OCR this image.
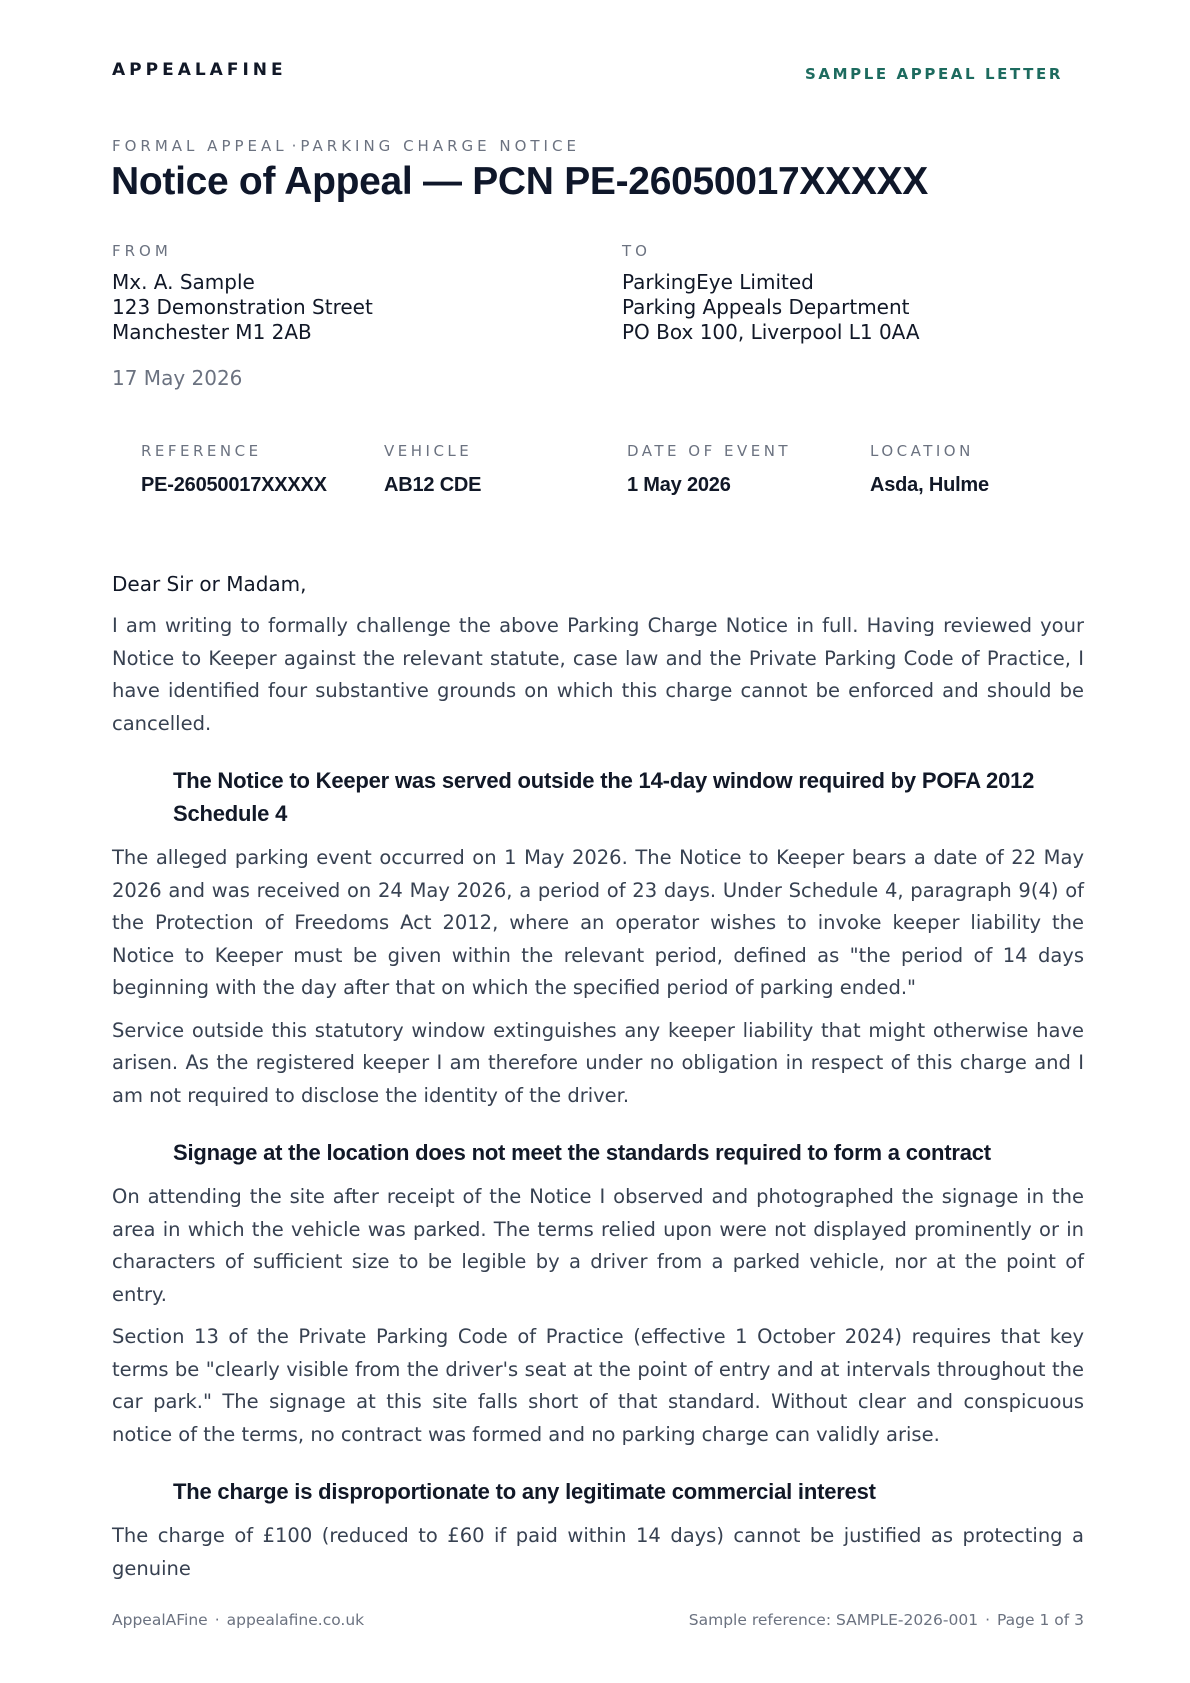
APPEALAFINE	SAMPLE APPEAL LETTER
FORMAL APPEAL · PARKING CHARGE NOTICE
Notice of Appeal — PCN PE-26050017XXXXX
FROM
Mx. A. Sample
123 Demonstration Street
Manchester M1 2AB
TO
ParkingEye Limited
Parking Appeals Department
PO Box 100, Liverpool L1 0AA
17 May 2026
REFERENCE
PE-26050017XXXXX
VEHICLE
AB12 CDE
DATE OF EVENT
1 May 2026
LOCATION
Asda, Hulme
Dear Sir or Madam,

I am writing to formally challenge the above Parking Charge Notice in full. Having reviewed your Notice to Keeper against the relevant statute, case law and the Private Parking Code of Practice, I have identified four substantive grounds on which this charge cannot be enforced and should be cancelled.

The Notice to Keeper was served outside the 14-day window required by POFA 2012 Schedule 4

The alleged parking event occurred on 1 May 2026. The Notice to Keeper bears a date of 22 May 2026 and was received on 24 May 2026, a period of 23 days. Under Schedule 4, paragraph 9(4) of the Protection of Freedoms Act 2012, where an operator wishes to invoke keeper liability the Notice to Keeper must be given within the relevant period, defined as "the period of 14 days beginning with the day after that on which the specified period of parking ended."

Service outside this statutory window extinguishes any keeper liability that might otherwise have arisen. As the registered keeper I am therefore under no obligation in respect of this charge and I am not required to disclose the identity of the driver.

Signage at the location does not meet the standards required to form a contract

On attending the site after receipt of the Notice I observed and photographed the signage in the area in which the vehicle was parked. The terms relied upon were not displayed prominently or in characters of sufficient size to be legible by a driver from a parked vehicle, nor at the point of entry.

Section 13 of the Private Parking Code of Practice (effective 1 October 2024) requires that key terms be "clearly visible from the driver's seat at the point of entry and at intervals throughout the car park." The signage at this site falls short of that standard. Without clear and conspicuous notice of the terms, no contract was formed and no parking charge can validly arise.

The charge is disproportionate to any legitimate commercial interest

The charge of £100 (reduced to £60 if paid within 14 days) cannot be justified as protecting a genuine

AppealAFine · appealafine.co.uk	Sample reference: SAMPLE-2026-001 · Page 1 of 3
